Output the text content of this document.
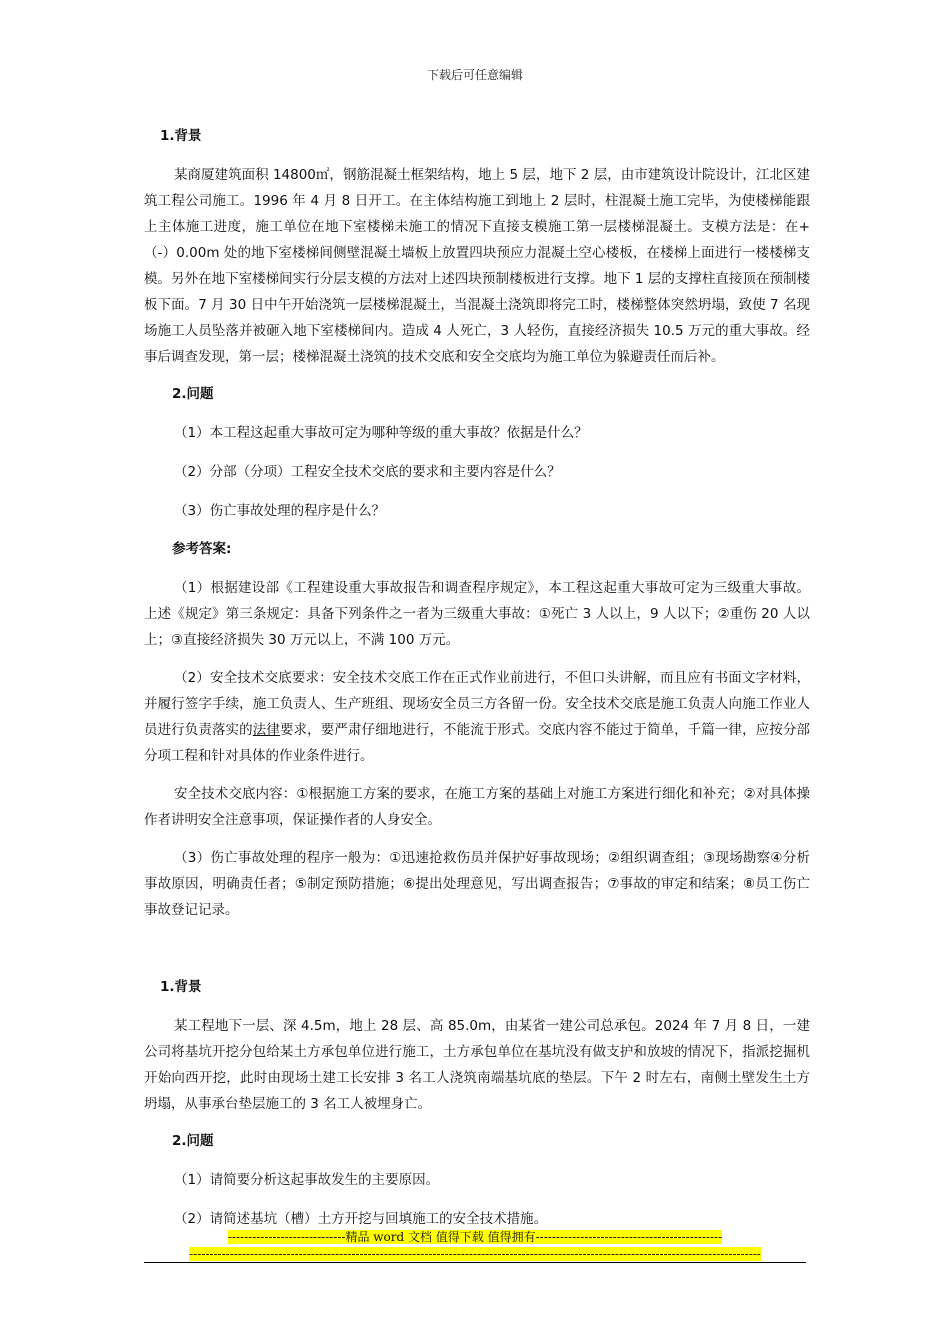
下载后可任意编辑
1.背景

某商厦建筑面积 14800㎡，钢筋混凝土框架结构，地上 5 层，地下 2 层，由市建筑设计院设计，江北区建筑工程公司施工。1996 年 4 月 8 日开工。在主体结构施工到地上 2 层时，柱混凝土施工完毕，为使楼梯能跟上主体施工进度，施工单位在地下室楼梯未施工的情况下直接支模施工第一层楼梯混凝土。支模方法是：在+（-）0.00m 处的地下室楼梯间侧壁混凝土墙板上放置四块预应力混凝土空心楼板，在楼梯上面进行一楼楼梯支模。另外在地下室楼梯间实行分层支模的方法对上述四块预制楼板进行支撑。地下 1 层的支撑柱直接顶在预制楼板下面。7 月 30 日中午开始浇筑一层楼梯混凝土，当混凝土浇筑即将完工时，楼梯整体突然坍塌，致使 7 名现场施工人员坠落并被砸入地下室楼梯间内。造成 4 人死亡，3 人轻伤，直接经济损失 10.5 万元的重大事故。经事后调查发现，第一层；楼梯混凝土浇筑的技术交底和安全交底均为施工单位为躲避责任而后补。

2.问题
（1）本工程这起重大事故可定为哪种等级的重大事故？依据是什么？
（2）分部（分项）工程安全技术交底的要求和主要内容是什么？
（3）伤亡事故处理的程序是什么？
参考答案:

（1）根据建设部《工程建设重大事故报告和调查程序规定》，本工程这起重大事故可定为三级重大事故。上述《规定》第三条规定：具备下列条件之一者为三级重大事故：①死亡 3 人以上，9 人以下；②重伤 20 人以上；③直接经济损失 30 万元以上，不满 100 万元。

（2）安全技术交底要求：安全技术交底工作在正式作业前进行，不但口头讲解，而且应有书面文字材料，并履行签字手续，施工负责人、生产班组、现场安全员三方各留一份。安全技术交底是施工负责人向施工作业人员进行负责落实的法律要求，要严肃仔细地进行，不能流于形式。交底内容不能过于简单，千篇一律，应按分部分项工程和针对具体的作业条件进行。

安全技术交底内容：①根据施工方案的要求，在施工方案的基础上对施工方案进行细化和补充；②对具体操作者讲明安全注意事项，保证操作者的人身安全。

（3）伤亡事故处理的程序一般为：①迅速抢救伤员并保护好事故现场；②组织调查组；③现场勘察④分析事故原因，明确责任者；⑤制定预防措施；⑥提出处理意见，写出调查报告；⑦事故的审定和结案；⑧员工伤亡事故登记记录。

1.背景

某工程地下一层、深 4.5m，地上 28 层、高 85.0m，由某省一建公司总承包。2024 年 7 月 8 日，一建公司将基坑开挖分包给某土方承包单位进行施工，土方承包单位在基坑没有做支护和放坡的情况下，指派挖掘机开始向西开挖，此时由现场土建工长安排 3 名工人浇筑南端基坑底的垫层。下午 2 时左右，南侧土壁发生土方坍塌，从事承台垫层施工的 3 名工人被埋身亡。

2.问题
（1）请简要分析这起事故发生的主要原因。
（2）请简述基坑（槽）土方开挖与回填施工的安全技术措施。
-----------------------------精品 word 文档 值得下载 值得拥有----------------------------------------------
---------------------------------------------------------------------------------------------------------------------------------------------
